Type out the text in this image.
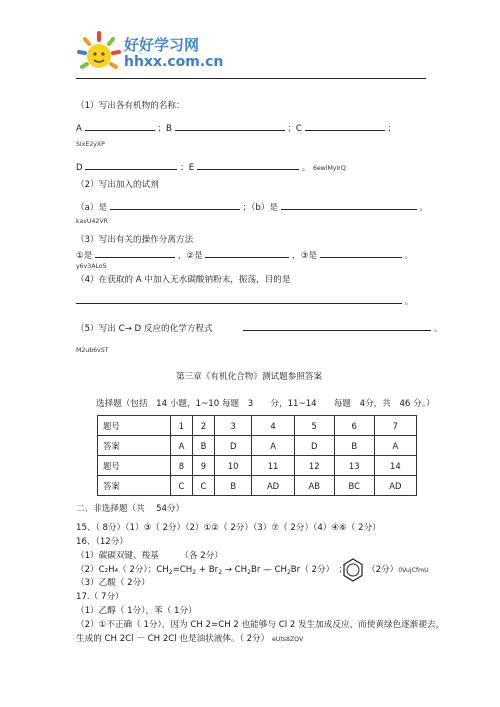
好好学习网
hhxx.com.cn
（1）写出各有机物的名称：
A	；B	；C	；
SIxE2yXP
D	；E	。 6ewlMyIrQ
（2）写出加入的试剂
（a）是	；（b）是	。
kavU42VR
（3）写出有关的操作分离方法
①是	，②是	，③是	。
y6v3ALoS
（4）在获取的 A 中加入无水碳酸钠粉末，振荡，目的是
。
（5）写出 C→ D 反应的化学方程式	。
M2ub6vST
第三章《有机化合物》测试题参照答案
选择题（包括　14 小题，1~10 每题　3　　分，11~14　　每题　4分，共　46 分。）
题号	1	2	3	4	5	6	7
答案	A	B	D	A	D	B	A
题号	8	9	10	11	12	13	14
答案	C	C	B	AD	AB	BC	AD
二、非选择题（共　 54分）
15、（ 8分）（1）③（ 2分）（2）①②（ 2分）（3）⑦（ 2分）（4）④⑥（ 2分）
16、（12分）
（1）碳碳双键、羧基　　　（各 2分）
（2）C₂H₄（ 2分）；$CH_2=CH_2 + Br_2 \to CH_2Br$ — $CH_2Br$（ 2分）　； （2分）0VujCfmU
（3）乙酸（ 2分）
17.（ 7分）
（1）乙醇（ 1分），苯（ 1分）
（2）①不正确（ 1分），因为 CH 2=CH 2 也能够与 Cl 2 发生加成反应，而使黄绿色逐渐褪去，
生成的 CH 2Cl － CH 2Cl 也是油状液体。（ 2分） eUts8ZQV
